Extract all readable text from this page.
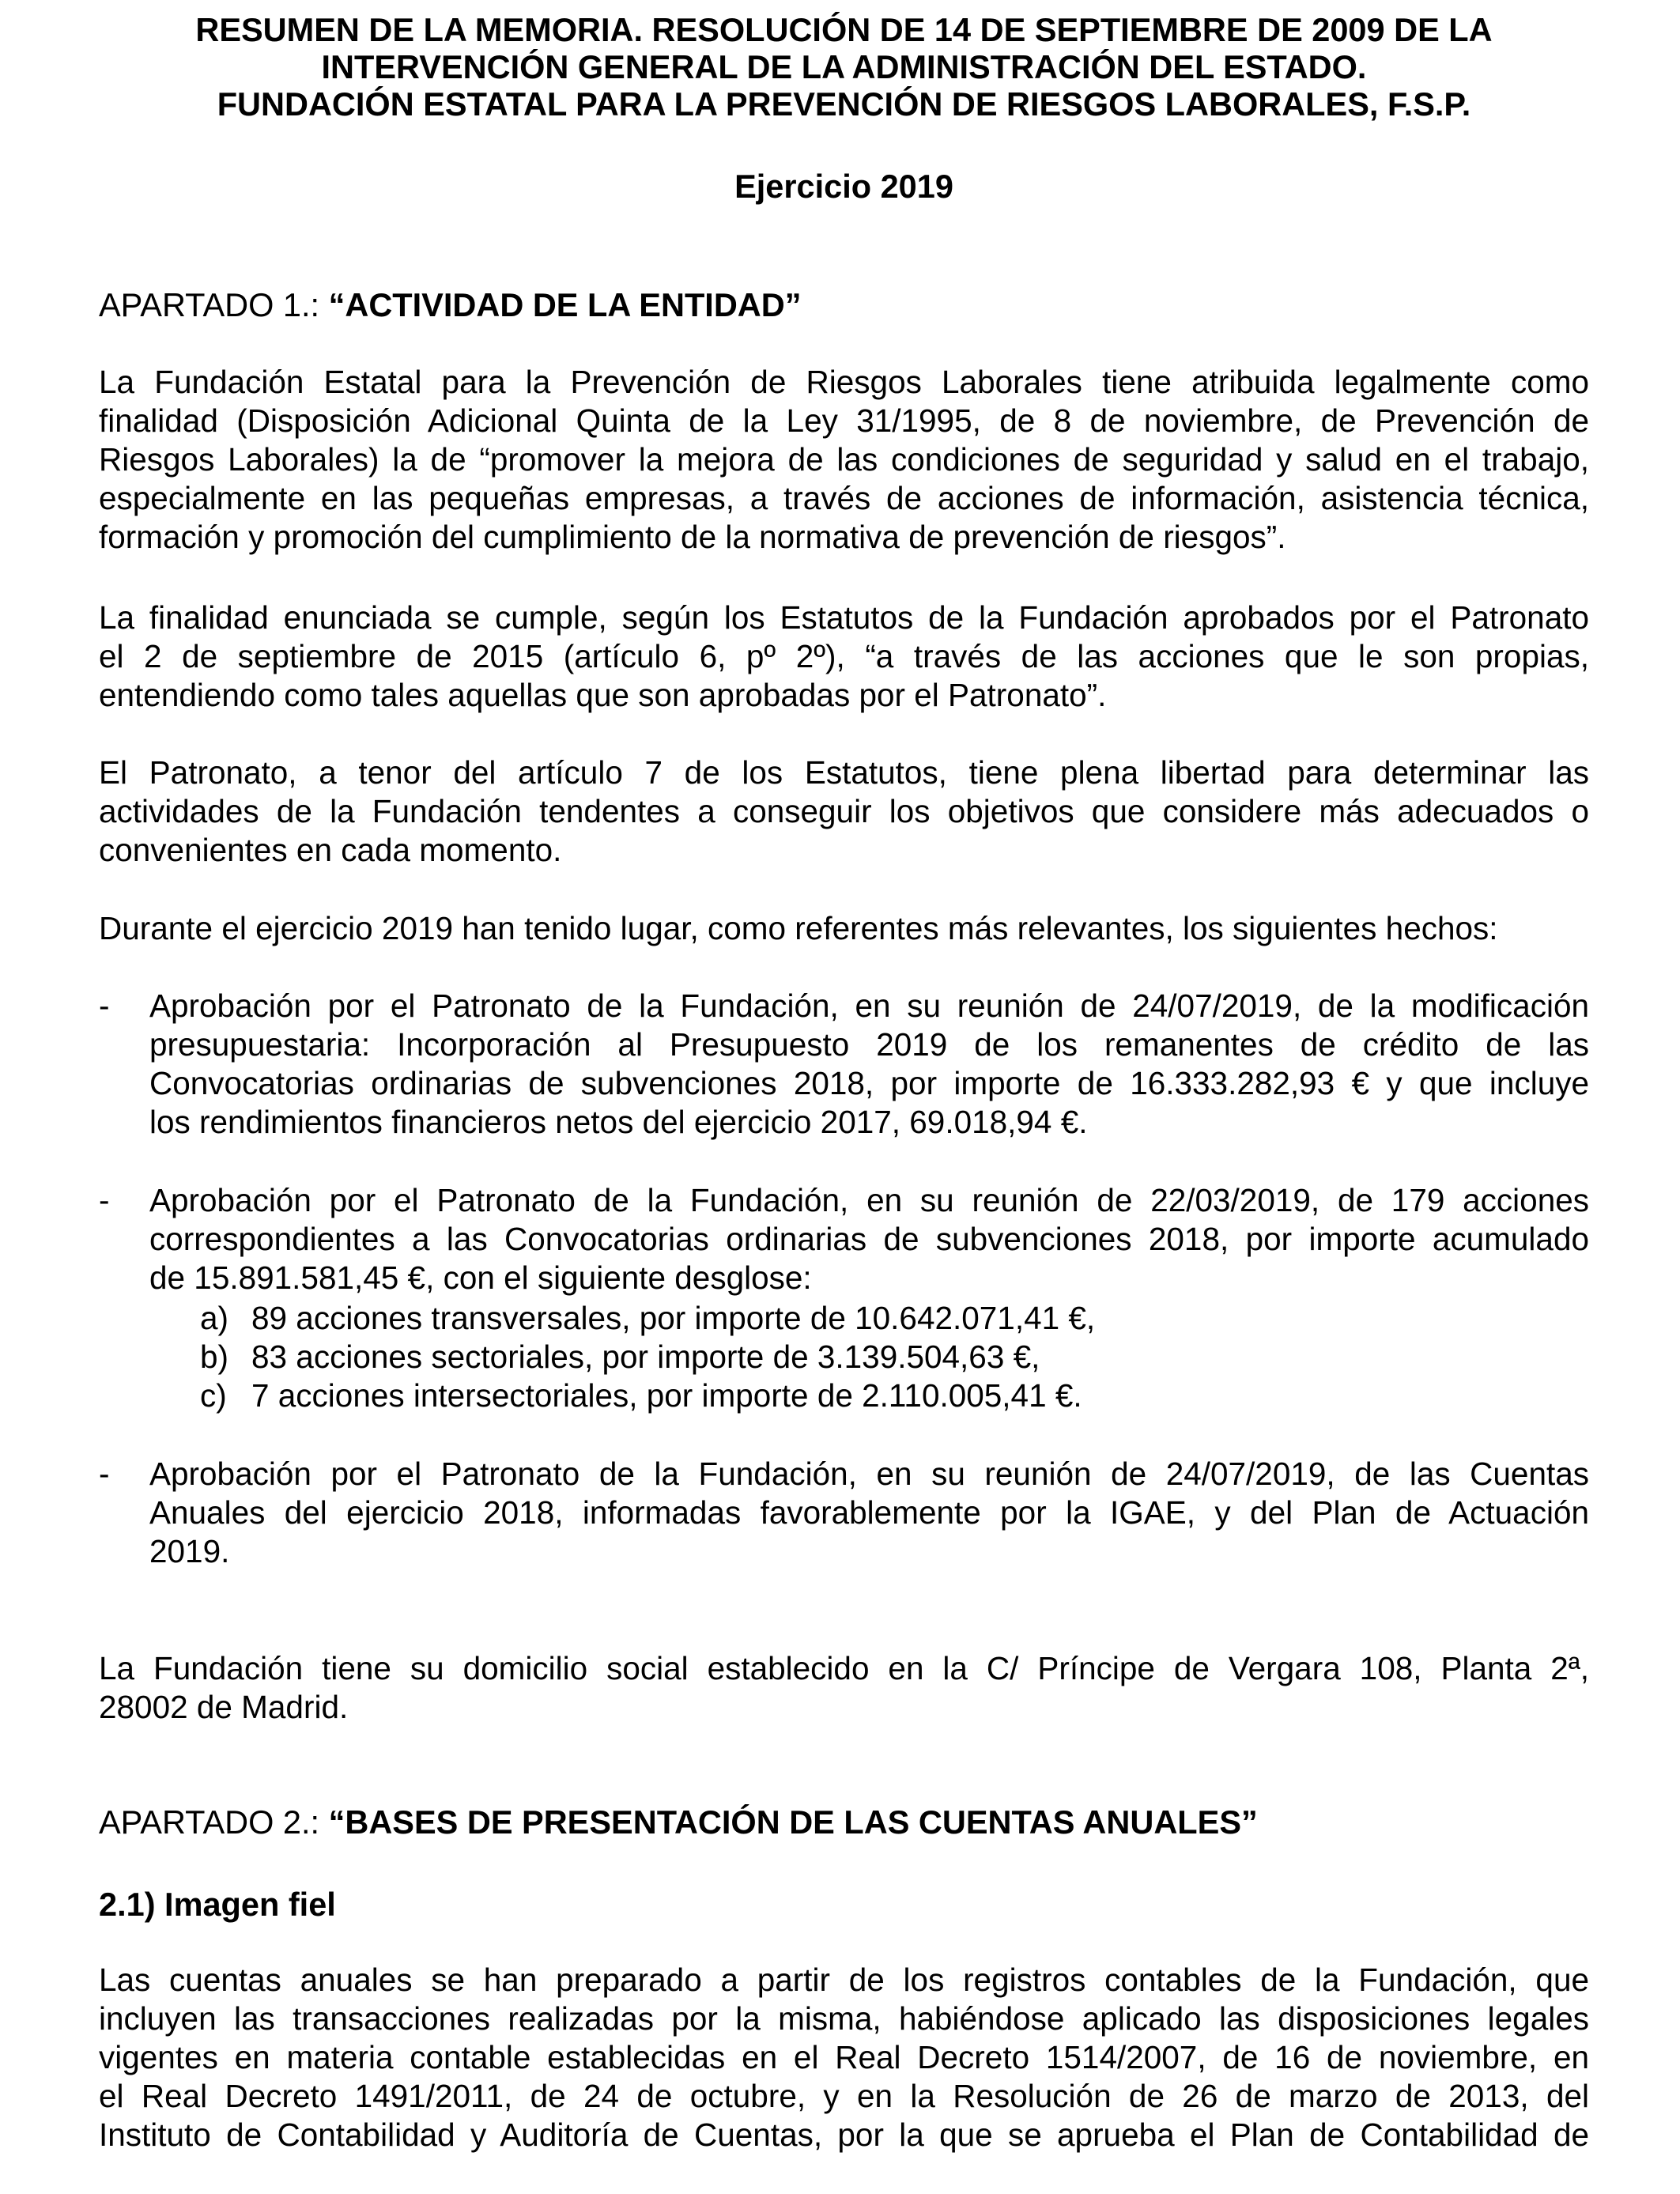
RESUMEN DE LA MEMORIA. RESOLUCIÓN DE 14 DE SEPTIEMBRE DE 2009 DE LA
INTERVENCIÓN GENERAL DE LA ADMINISTRACIÓN DEL ESTADO.
FUNDACIÓN ESTATAL PARA LA PREVENCIÓN DE RIESGOS LABORALES, F.S.P.
Ejercicio 2019
APARTADO 1.: “ACTIVIDAD DE LA ENTIDAD”
La Fundación Estatal para la Prevención de Riesgos Laborales tiene atribuida legalmente como
finalidad (Disposición Adicional Quinta de la Ley 31/1995, de 8 de noviembre, de Prevención de
Riesgos Laborales) la de “promover la mejora de las condiciones de seguridad y salud en el trabajo,
especialmente en las pequeñas empresas, a través de acciones de información, asistencia técnica,
formación y promoción del cumplimiento de la normativa de prevención de riesgos”.
La finalidad enunciada se cumple, según los Estatutos de la Fundación aprobados por el Patronato
el 2 de septiembre de 2015 (artículo 6, pº 2º), “a través de las acciones que le son propias,
entendiendo como tales aquellas que son aprobadas por el Patronato”.
El Patronato, a tenor del artículo 7 de los Estatutos, tiene plena libertad para determinar las
actividades de la Fundación tendentes a conseguir los objetivos que considere más adecuados o
convenientes en cada momento.
Durante el ejercicio 2019 han tenido lugar, como referentes más relevantes, los siguientes hechos:
- Aprobación por el Patronato de la Fundación, en su reunión de 24/07/2019, de la modificación
presupuestaria: Incorporación al Presupuesto 2019 de los remanentes de crédito de las
Convocatorias ordinarias de subvenciones 2018, por importe de 16.333.282,93 € y que incluye
los rendimientos financieros netos del ejercicio 2017, 69.018,94 €.
- Aprobación por el Patronato de la Fundación, en su reunión de 22/03/2019, de 179 acciones
correspondientes a las Convocatorias ordinarias de subvenciones 2018, por importe acumulado
de 15.891.581,45 €, con el siguiente desglose:
a) 89 acciones transversales, por importe de 10.642.071,41 €,
b) 83 acciones sectoriales, por importe de 3.139.504,63 €,
c) 7 acciones intersectoriales, por importe de 2.110.005,41 €.
- Aprobación por el Patronato de la Fundación, en su reunión de 24/07/2019, de las Cuentas
Anuales del ejercicio 2018, informadas favorablemente por la IGAE, y del Plan de Actuación
2019.
La Fundación tiene su domicilio social establecido en la C/ Príncipe de Vergara 108, Planta 2ª,
28002 de Madrid.
APARTADO 2.: “BASES DE PRESENTACIÓN DE LAS CUENTAS ANUALES”
2.1) Imagen fiel
Las cuentas anuales se han preparado a partir de los registros contables de la Fundación, que
incluyen las transacciones realizadas por la misma, habiéndose aplicado las disposiciones legales
vigentes en materia contable establecidas en el Real Decreto 1514/2007, de 16 de noviembre, en
el Real Decreto 1491/2011, de 24 de octubre, y en la Resolución de 26 de marzo de 2013, del
Instituto de Contabilidad y Auditoría de Cuentas, por la que se aprueba el Plan de Contabilidad de
